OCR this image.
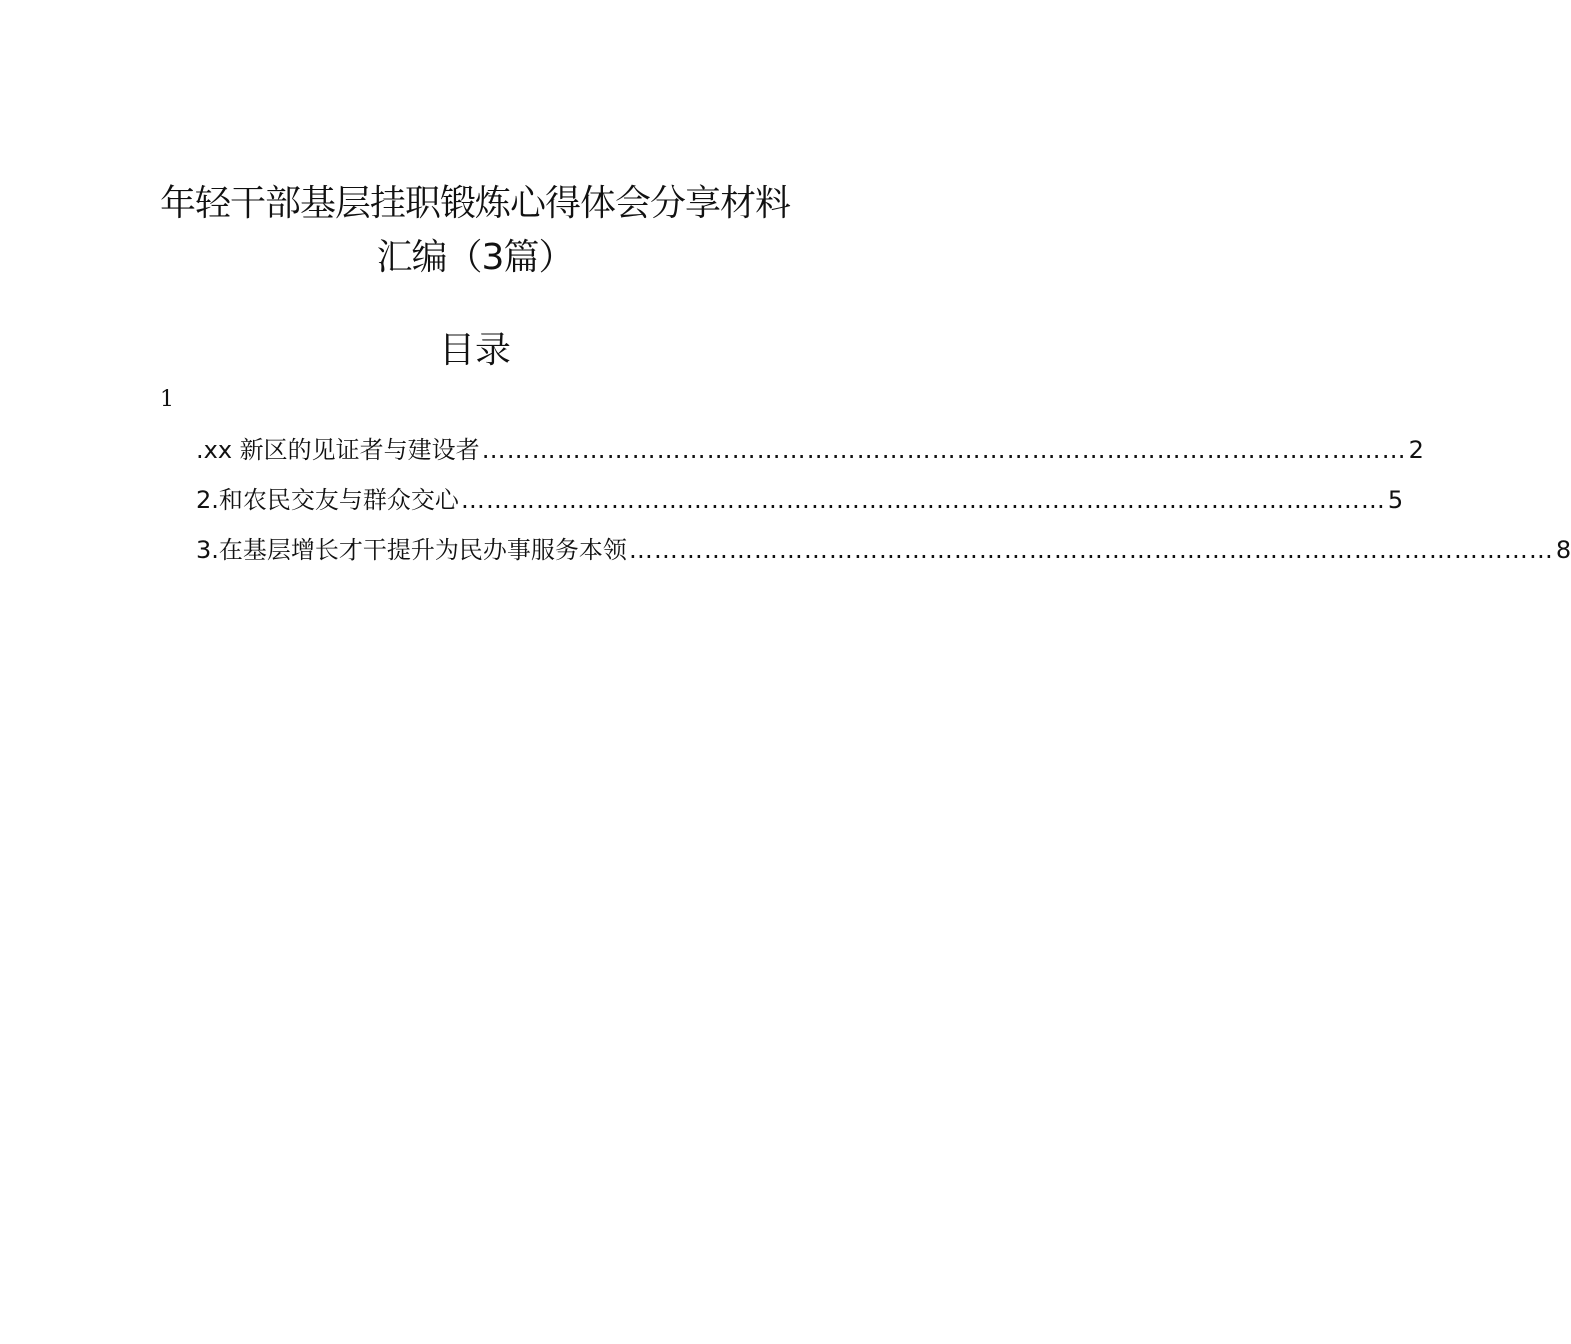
年轻干部基层挂职锻炼心得体会分享材料
汇编（3篇）
目录
1
.xx 新区的见证者与建设者 ………………………………………………………………………………………………… 2
2.和农民交友与群众交心 ………………………………………………………………………………………………… 5
3.在基层增长才干提升为民办事服务本领 ………………………………………………………………………………………………… 8
